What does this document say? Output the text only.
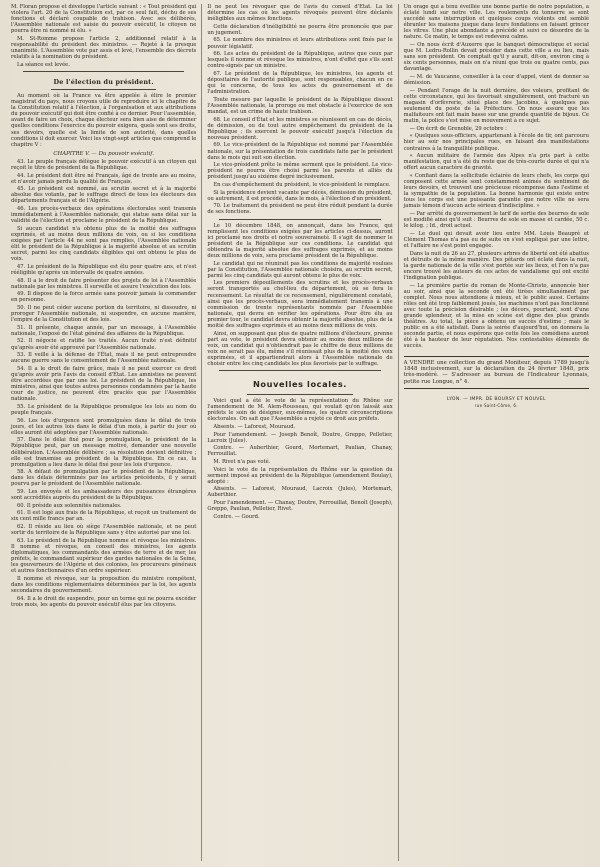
M. Floran propose et développe l'article suivant : « Tout président qui violera l'art. 20 de la Constitution est, par ce seul fait, déchu de ses fonctions et déclaré coupable de trahison. Avec ses délibérés, l'Assemblée nationale est saisie du pouvoir exécutif, le citoyen ne pourra être ni nommé ni élu. »

M. St-Romme propose l'article 2, additionnel relatif à la responsabilité du président des ministres. — Rejeté à la presque unanimité. L'Assemblée vote par assis et levé, l'ensemble des décrets relatifs à la nomination du président.

La séance est levée.

De l'élection du président.

Au moment où la France va être appelée à élire le premier magistrat du pays, nous croyons utile de reproduire ici le chapitre de la Constitution relatif à l'élection, à l'organisation et aux attributions du pouvoir exécutif qui doit être confié à ce dernier. Pour l'assemblée, avant de faire un choix, chaque électeur sera bien aise de déterminer quelles conditions l'exercice du pouvoir exigera, quels sont ses droits, ses devoirs, quelle est la limite de son autorité, dans quelles conditions il doit exercer. Voici les vingt-sept articles que comprend le chapitre V :

CHAPITRE V. — Du pouvoir exécutif.

43. Le peuple français délègue le pouvoir exécutif à un citoyen qui reçoit le titre de président de la République.

44. Le président doit être né Français, âgé de trente ans au moins, et n'avoir jamais perdu la qualité de Français.

45. Le président est nommé, au scrutin secret et à la majorité absolue des votants, par le suffrage direct de tous les électeurs des départements français et de l'Algérie.

46. Les procès-verbaux des opérations électorales sont transmis immédiatement à l'Assemblée nationale, qui statue sans délai sur la validité de l'élection et proclame le président de la République.

Si aucun candidat n'a obtenu plus de la moitié des suffrages exprimés, et au moins deux millions de voix, ou si les conditions exigées par l'article 44 ne sont pas remplies, l'Assemblée nationale élit le président de la République à la majorité absolue et au scrutin secret, parmi les cinq candidats éligibles qui ont obtenu le plus de voix.

47. Le président de la République est élu pour quatre ans, et n'est rééligible qu'après un intervalle de quatre années.

48. Il a le droit de faire présenter des projets de loi à l'Assemblée nationale par les ministres. Il surveille et assure l'exécution des lois.

49. Il dispose de la force armée sans pouvoir jamais la commander en personne.

50. Il ne peut céder aucune portion du territoire, ni dissoudre, ni proroger l'Assemblée nationale, ni suspendre, en aucune manière, l'empire de la Constitution et des lois.

51. Il présente, chaque année, par un message, à l'Assemblée nationale, l'exposé de l'état général des affaires de la République.

52. Il négocie et ratifie les traités. Aucun traité n'est définitif qu'après avoir été approuvé par l'Assemblée nationale.

53. Il veille à la défense de l'État, mais il ne peut entreprendre aucune guerre sans le consentement de l'Assemblée nationale.

54. Il a le droit de faire grâce, mais il ne peut exercer ce droit qu'après avoir pris l'avis du conseil d'État. Les amnisties ne peuvent être accordées que par une loi. Le président de la République, les ministres, ainsi que toutes autres personnes condamnées par la haute cour de justice, ne peuvent être graciés que par l'Assemblée nationale.

55. Le président de la République promulgue les lois au nom du peuple français.

56. Les lois d'urgence sont promulguées dans le délai de trois jours, et les autres lois dans le délai d'un mois, à partir du jour où elles auront été adoptées par l'Assemblée nationale.

57. Dans le délai fixé pour la promulgation, le président de la République peut, par un message motivé, demander une nouvelle délibération. L'Assemblée délibère ; sa résolution devient définitive ; elle est transmise au président de la République. En ce cas, la promulgation a lieu dans le délai fixé pour les lois d'urgence.

58. A défaut de promulgation par le président de la République, dans les délais déterminés par les articles précédents, il y serait pourvu par le président de l'Assemblée nationale.

59. Les envoyés et les ambassadeurs des puissances étrangères sont accrédités auprès du président de la République.

60. Il préside aux solennités nationales.

61. Il est logé aux frais de la République, et reçoit un traitement de six cent mille francs par an.

62. Il réside au lieu où siège l'Assemblée nationale, et ne peut sortir du territoire de la République sans y être autorisé par une loi.

63. Le président de la République nomme et révoque les ministres. Il nomme et révoque, en conseil des ministres, les agents diplomatiques, les commandants des armées de terre et de mer, les préfets, le commandant supérieur des gardes nationales de la Seine, les gouverneurs de l'Algérie et des colonies, les procureurs généraux et autres fonctionnaires d'un ordre supérieur.

Il nomme et révoque, sur la proposition du ministre compétent, dans les conditions réglementaires déterminées par la loi, les agents secondaires du gouvernement.

64. Il a le droit de suspendre, pour un terme qui ne pourra excéder trois mois, les agents du pouvoir exécutif élus par les citoyens.

Il ne peut les révoquer que de l'avis du conseil d'État. La loi détermine les cas où les agents révoqués peuvent être déclarés inéligibles aux mêmes fonctions.

Cette déclaration d'inéligibilité ne pourra être prononcée que par un jugement.

65. Le nombre des ministres et leurs attributions sont fixés par le pouvoir législatif.

66. Les actes du président de la République, autres que ceux par lesquels il nomme et révoque les ministres, n'ont d'effet que s'ils sont contre-signés par un ministre.

67. Le président de la République, les ministres, les agents et dépositaires de l'autorité publique, sont responsables, chacun en ce qui le concerne, de tous les actes du gouvernement et de l'administration.

Toute mesure par laquelle le président de la République dissout l'Assemblée nationale, la proroge ou met obstacle à l'exercice de son mandat, est un crime de haute trahison.

68. Le conseil d'État et les ministres se réunissent en cas de décès, de démission, ou de tout autre empêchement du président de la République ; ils exercent le pouvoir exécutif jusqu'à l'élection du nouveau président.

69. Le vice-président de la République est nommé par l'Assemblée nationale, sur la présentation de trois candidats faite par le président dans le mois qui suit son élection.

Le vice-président prête le même serment que le président. Le vice-président ne pourra être choisi parmi les parents et alliés du président jusqu'au sixième degré inclusivement.

En cas d'empêchement du président, le vice-président le remplace.

Si la présidence devient vacante par décès, démission du président, ou autrement, il est procédé, dans le mois, à l'élection d'un président.

70. Le traitement du président ne peut être réduit pendant la durée de ses fonctions.

Le 10 décembre 1848, on annonçait, dans les France, qui remplissent les conditions exigées par les articles ci-dessus, auront ici proclamé nos droits et notre souveraineté. Il s'agit de nommer le président de la République sur ces conditions. Le candidat qui obtiendra la majorité absolue des suffrages exprimés, et au moins deux millions de voix, sera proclamé président de la République.

Le candidat qui ne réunirait pas les conditions de majorité voulues par la Constitution, l'Assemblée nationale choisira, au scrutin secret, parmi les cinq candidats qui auront obtenu le plus de voix.

Les premiers dépouillements des scrutins et les procès-verbaux seront transportés au chef-lieu du département, où se fera le recensement. Le résultat de ce recensement, régulièrement constaté, ainsi que les procès-verbaux, sera immédiatement transmis à une commission de trente représentants nommés par l'Assemblée nationale, qui devra en vérifier les opérations. Pour être élu au premier tour, le candidat devra obtenir la majorité absolue, plus de la moitié des suffrages exprimés et au moins deux millions de voix.

Ainsi, on supposant que plus de quatre millions d'électeurs, prenne part au vote, le président devra obtenir au moins deux millions de voix, un candidat qui n'obtiendrait pas le chiffre de deux millions de voix ne serait pas élu, même s'il réunissait plus de la moitié des voix exprimées, et il appartiendrait alors à l'Assemblée nationale de choisir entre les cinq candidats les plus favorisés par le suffrage.

Nouvelles locales.

Voici quel a été le vote de la représentation du Rhône sur l'amendement de M. Alem-Rousseau, qui voulait qu'on laissât aux préfets le soin de désigner, eux-mêmes, les quatre circonscriptions électorales. On sait que l'Assemblée a rejeté ce droit aux préfets.

Absents. — Laforest, Mouraud.

Pour l'amendement. — Joseph Benoît, Doutre, Greppo, Pelletier, Lacroix (Jules).

Contre. — Auberthier, Gourd, Mortemart, Paulian, Chanay, Ferrouillat.

M. Rivet n'a pas voté.

Voici le vote de la représentation du Rhône sur la question du serment imposé au président de la République (amendement Boulay), adopté :

Absents. — Laforest, Mouraud, Lacroix (Jules), Mortemart, Auberthier.

Pour l'amendement. — Chanay, Doutre, Ferrouillat, Benoît (Joseph), Greppo, Paulian, Pelletier, Rivet.

Contre. — Gourd.

Un orage qui a tenu éveillée une bonne partie de notre population, a éclaté lundi sur notre ville. Les roulements du tonnerre se sont succédé sans interruption et quelques coups violents ont semblé ébranler les maisons jusque dans leurs fondations en faisant grincer les vitres. Une pluie abondante a précédé et suivi ce désordre de la nature. Ce matin, le temps est redevenu calme.

— On nous écrit d'Auxerre que le banquet démocratique et social que M. Ledru-Rollin devait présider dans cette ville a eu lieu, mais sans son président. On comptait qu'il y aurait, dit-on, environ cinq à six cents personnes, mais on n'a réuni que trois ou quatre cents, pas davantage.

— M. de Vaucanne, conseiller à la cour d'appel, vient de donner sa démission.

— Pendant l'orage de la nuit dernière, des voleurs, profitant de cette circonstance, qui les favorisait singulièrement, ont fracturé un magasin d'orfèvrerie, situé place des Jacobins, à quelques pas seulement du poste de la Préfecture. On nous assure que les malfaiteurs ont fait main basse sur une grande quantité de bijoux. Ce matin, la police s'est mise en mouvement à ce sujet.

— On écrit de Grenoble, 29 octobre :

« Quelques sous-officiers, appartenant à l'école de tir, ont parcouru hier au soir nos principales rues, en faisant des manifestations contraires à la tranquillité publique.

« Aucun militaire de l'armée des Alpes n'a pris part à cette manifestation, qui n'a été du reste que de très-courte durée et qui n'a offert aucun caractère de gravité.

« Confiant dans la sollicitude éclairée de leurs chefs, les corps qui composent cette armée sont constamment animés du sentiment de leurs devoirs, et trouvent une précieuse récompense dans l'estime et la sympathie de la population. La bonne harmonie qui existe entre tous les corps est une puissante garantie que notre ville ne sera jamais témoin d'aucun acte sérieux d'indiscipline. »

— Par arrêté du gouvernement le tarif de sortie des beurres de sole est modifié ainsi qu'il suit : Beurres de sole en masse et cardée, 50 c. le kilog. ; Id., droit actuel.

— Le duel qui devait avoir lieu entre MM. Louis Beaupré et Clément Thomas n'a pas eu de suite on s'est expliqué par une lettre, et l'affaire ne s'est point engagée.

Dans la nuit du 26 au 27, plusieurs arbres de liberté ont été abattus et détruits de la même manière. Des pétards ont éclaté dans la nuit, la garde nationale de la ville s'est portée sur les lieux, et l'on n'a pas encore trouvé les auteurs de ces actes de vandalisme qui ont excité l'indignation publique.

— La première partie du roman de Monte-Christo, annoncée hier au soir, ainsi que la seconde ont été tirées simultanément par complet. Nous nous attendions à mieux, et le public aussi. Certains rôles ont été trop faiblement joués, les machines n'ont pas fonctionné avec toute la précision désirable ; les décors, pourtant, sont d'une grande splendeur, et la mise en scène est digne des plus grands théâtres. Au total, la pièce a obtenu un succès d'estime ; mais le public en a été satisfait. Dans la soirée d'aujourd'hui, on donnera la seconde partie, et nous espérons que cette fois les comédiens auront été à la hauteur de leur réputation. Nos contestables éléments de succès.

A VENDRE une collection du grand Moniteur, depuis 1789 jusqu'à 1848 inclusivement, sur la déclaration du 24 février 1848, prix très-modéré. — S'adresser au bureau de l'Indicateur Lyonnais, petite rue Longue, n° 4.
LYON. — IMPR. DE BOURSY ET NOUVEL
rue Saint-Côme, 6.
